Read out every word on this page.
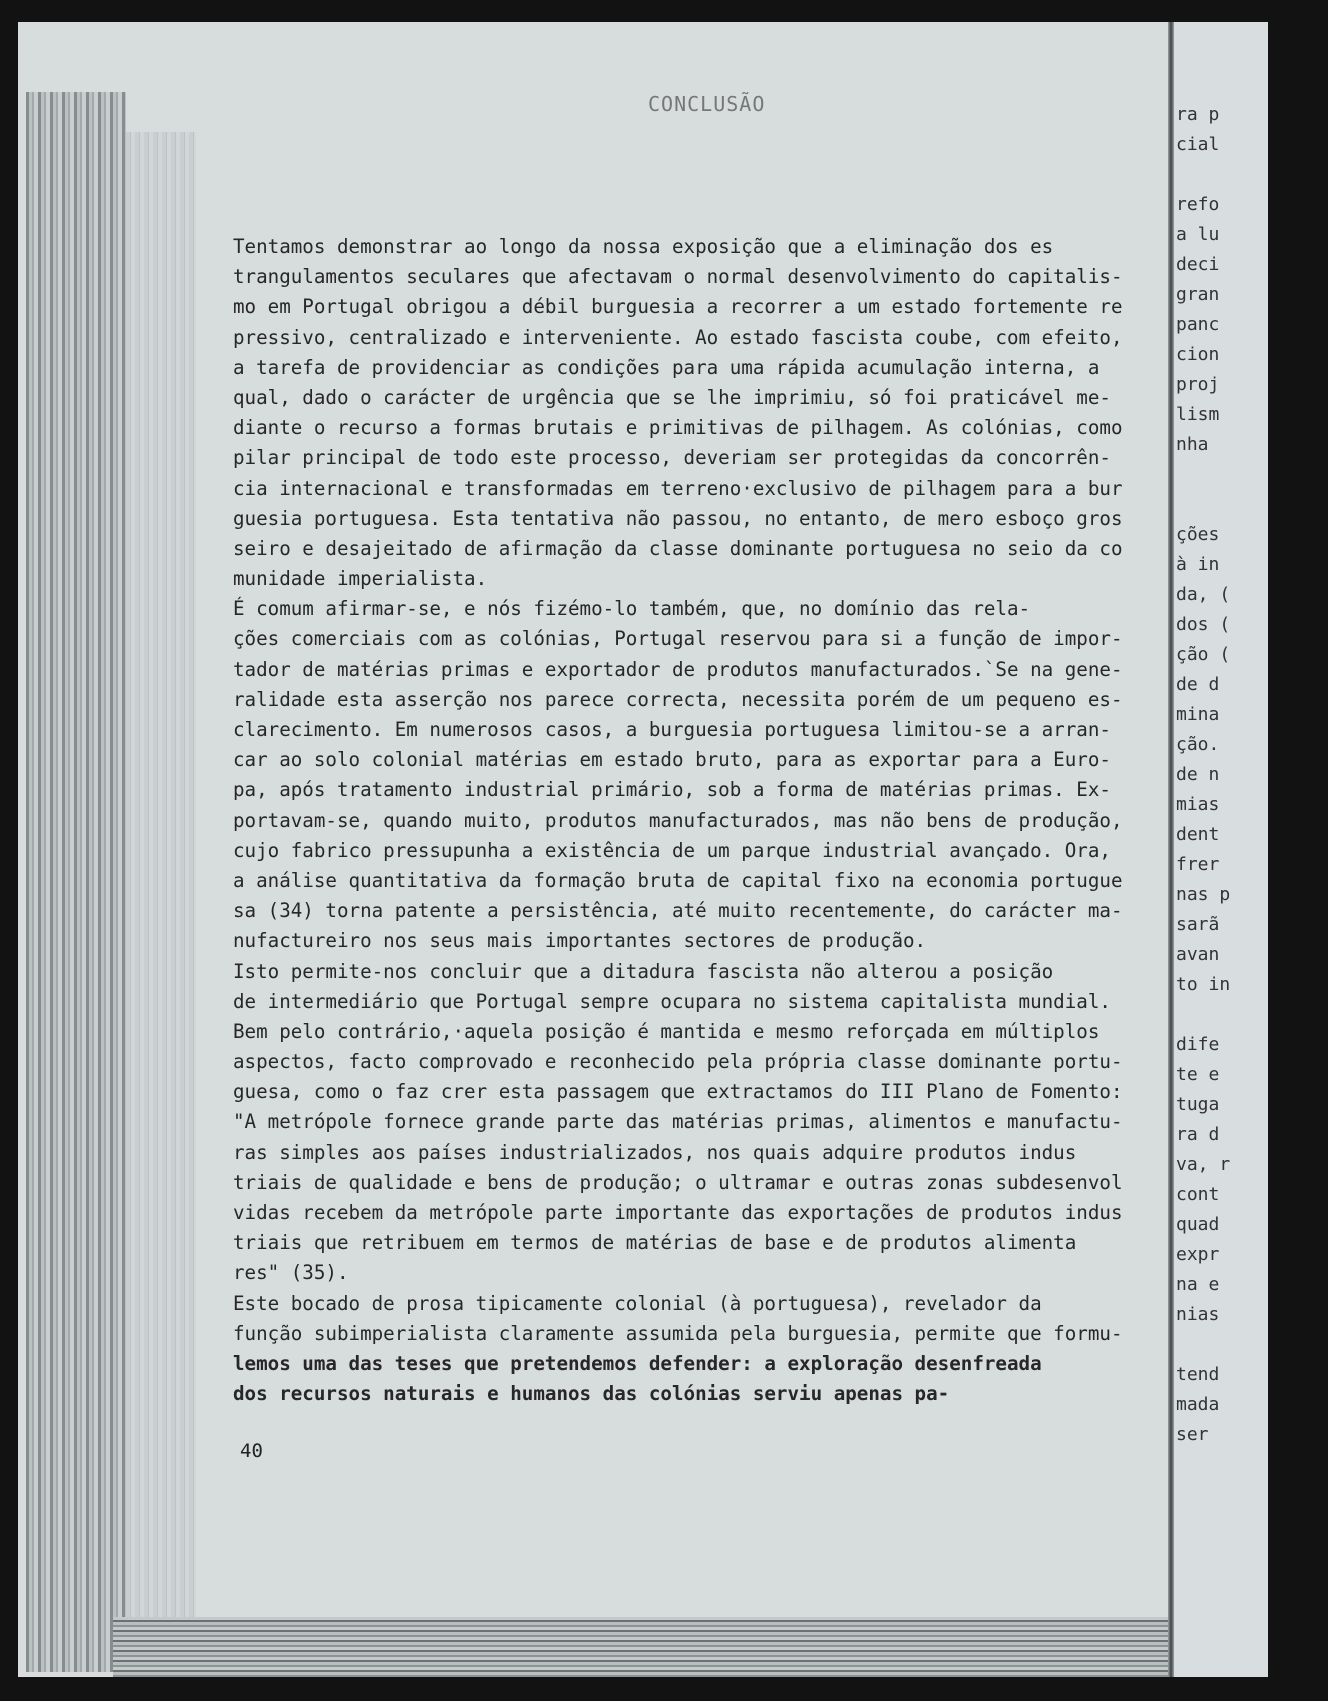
CONCLUSÃO
Tentamos demonstrar ao longo da nossa exposição que a eliminação dos es
trangulamentos seculares que afectavam o normal desenvolvimento do capitalis-
mo em Portugal obrigou a débil burguesia a recorrer a um estado fortemente re
pressivo, centralizado e interveniente. Ao estado fascista coube, com efeito,
a tarefa de providenciar as condições para uma rápida acumulação interna, a
qual, dado o carácter de urgência que se lhe imprimiu, só foi praticável me-
diante o recurso a formas brutais e primitivas de pilhagem. As colónias, como
pilar principal de todo este processo, deveriam ser protegidas da concorrên-
cia internacional e transformadas em terreno·exclusivo de pilhagem para a bur
guesia portuguesa. Esta tentativa não passou, no entanto, de mero esboço gros
seiro e desajeitado de afirmação da classe dominante portuguesa no seio da co
munidade imperialista.
É comum afirmar-se, e nós fizémo-lo também, que, no domínio das rela-
ções comerciais com as colónias, Portugal reservou para si a função de impor-
tador de matérias primas e exportador de produtos manufacturados.`Se na gene-
ralidade esta asserção nos parece correcta, necessita porém de um pequeno es-
clarecimento. Em numerosos casos, a burguesia portuguesa limitou-se a arran-
car ao solo colonial matérias em estado bruto, para as exportar para a Euro-
pa, após tratamento industrial primário, sob a forma de matérias primas. Ex-
portavam-se, quando muito, produtos manufacturados, mas não bens de produção,
cujo fabrico pressupunha a existência de um parque industrial avançado. Ora,
a análise quantitativa da formação bruta de capital fixo na economia portugue
sa (34) torna patente a persistência, até muito recentemente, do carácter ma-
nufactureiro nos seus mais importantes sectores de produção.
Isto permite-nos concluir que a ditadura fascista não alterou a posição
de intermediário que Portugal sempre ocupara no sistema capitalista mundial.
Bem pelo contrário,·aquela posição é mantida e mesmo reforçada em múltiplos
aspectos, facto comprovado e reconhecido pela própria classe dominante portu-
guesa, como o faz crer esta passagem que extractamos do III Plano de Fomento:
"A metrópole fornece grande parte das matérias primas, alimentos e manufactu-
ras simples aos países industrializados, nos quais adquire produtos indus
triais de qualidade e bens de produção; o ultramar e outras zonas subdesenvol
vidas recebem da metrópole parte importante das exportações de produtos indus
triais que retribuem em termos de matérias de base e de produtos alimenta
res" (35).
Este bocado de prosa tipicamente colonial (à portuguesa), revelador da
função subimperialista claramente assumida pela burguesia, permite que formu-
lemos uma das teses que pretendemos defender: a exploração desenfreada
dos recursos naturais e humanos das colónias serviu apenas pa-
40
ra p
cial
refo
a lu
deci
gran
panc
cion
proj
lism
nha
ções
à in
da, (
dos (
ção (
de d
mina
ção.
de n
mias
dent
frer
nas p
sarã
avan
to in
dife
te e
tuga
ra d
va, r
cont
quad
expr
na e
nias
tend
mada
ser
